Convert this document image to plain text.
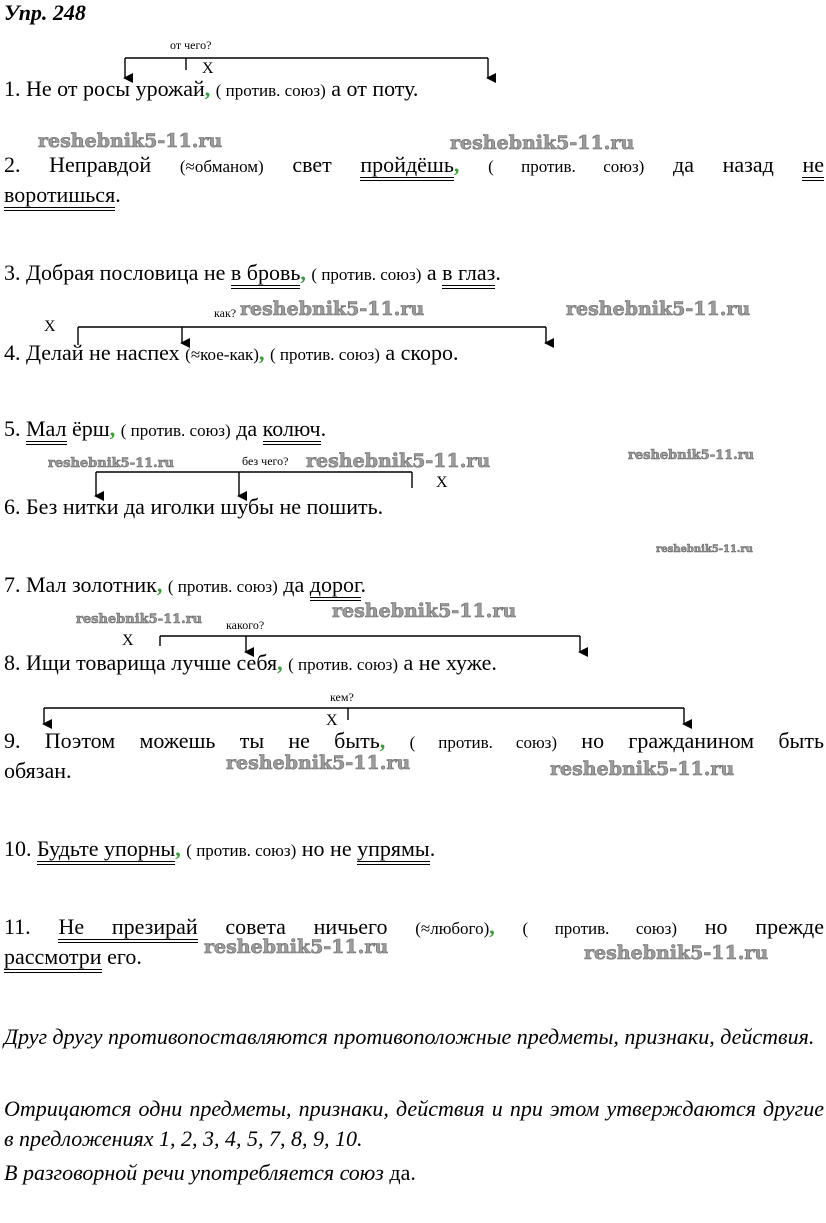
Упр. 248
от чего?
Х
как?
Х
без чего?
Х
какого?
Х
кем?
Х
1. Не от росы урожай, ( против. союз) а от поту.
2. Неправдой (≈обманом) свет пройдёшь, ( против. союз) да назад не
воротишься.
3. Добрая пословица не в бровь, ( против. союз) а в глаз.
4. Делай не наспех (≈кое-как), ( против. союз) а скоро.
5. Мал ёрш, ( против. союз) да колюч.
6. Без нитки да иголки шубы не пошить.
7. Мал золотник, ( против. союз) да дорог.
8. Ищи товарища лучше себя, ( против. союз) а не хуже.
9. Поэтом можешь ты не быть, ( против. союз) но гражданином быть
обязан.
10. Будьте упорны, ( против. союз) но не упрямы.
11. Не презирай совета ничьего (≈любого), ( против. союз) но прежде
рассмотри его.
Друг другу противопоставляются противоположные предметы, признаки, действия.
Отрицаются одни предметы, признаки, действия и при этом утверждаются другие в предложениях 1, 2, 3, 4, 5, 7, 8, 9, 10.
В разговорной речи употребляется союз да.
reshebnik5-11.ru	reshebnik5-11.ru
reshebnik5-11.ru	reshebnik5-11.ru
reshebnik5-11.ru	reshebnik5-11.ru	reshebnik5-11.ru
reshebnik5-11.ru
reshebnik5-11.ru	reshebnik5-11.ru
reshebnik5-11.ru	reshebnik5-11.ru
reshebnik5-11.ru	reshebnik5-11.ru
